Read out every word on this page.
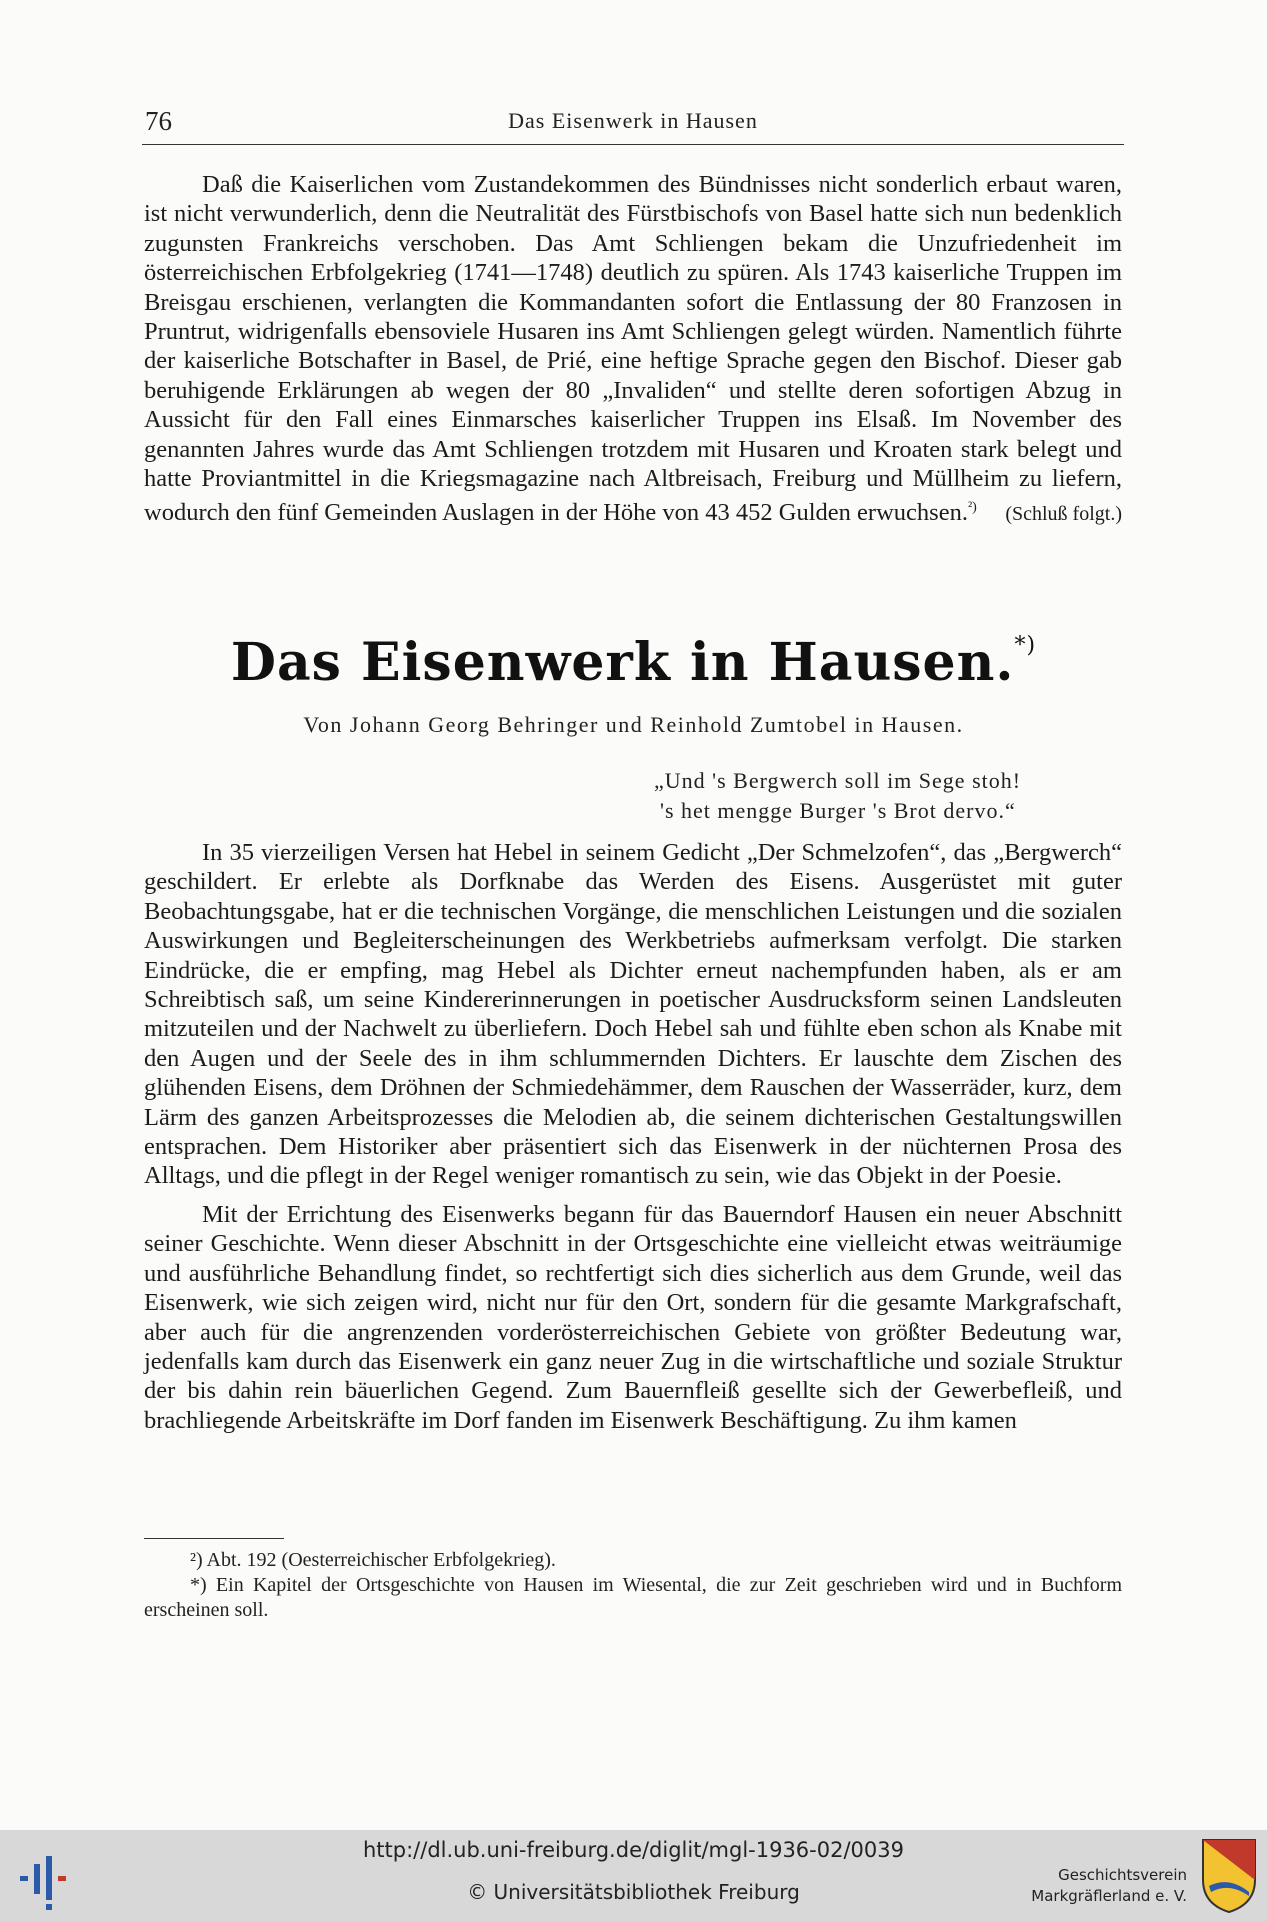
76	Das Eisenwerk in Hausen

Daß die Kaiserlichen vom Zustandekommen des Bündnisses nicht sonderlich erbaut waren, ist nicht verwunderlich, denn die Neutralität des Fürstbischofs von Basel hatte sich nun bedenklich zugunsten Frankreichs verschoben. Das Amt Schliengen bekam die Unzufriedenheit im österreichischen Erbfolgekrieg (1741—1748) deutlich zu spüren. Als 1743 kaiserliche Truppen im Breisgau erschienen, verlangten die Kommandanten sofort die Entlassung der 80 Franzosen in Pruntrut, widrigenfalls ebensoviele Husaren ins Amt Schliengen gelegt würden. Namentlich führte der kaiserliche Botschafter in Basel, de Prié, eine heftige Sprache gegen den Bischof. Dieser gab beruhigende Erklärungen ab wegen der 80 „Invaliden“ und stellte deren sofortigen Abzug in Aussicht für den Fall eines Einmarsches kaiserlicher Truppen ins Elsaß. Im November des genannten Jahres wurde das Amt Schliengen trotzdem mit Husaren und Kroaten stark belegt und hatte Proviantmittel in die Kriegsmagazine nach Altbreisach, Freiburg und Müllheim zu liefern, wodurch den fünf Gemeinden Auslagen in der Höhe von 43 452 Gulden erwuchsen.$^{^2)}$	(Schluß folgt.)
Das Eisenwerk in Hausen.*)
Von Johann Georg Behringer und Reinhold Zumtobel in Hausen.
„Und 's Bergwerch soll im Sege stoh!
's het mengge Burger 's Brot dervo.“

In 35 vierzeiligen Versen hat Hebel in seinem Gedicht „Der Schmelzofen“, das „Bergwerch“ geschildert. Er erlebte als Dorfknabe das Werden des Eisens. Ausgerüstet mit guter Beobachtungsgabe, hat er die technischen Vorgänge, die menschlichen Leistungen und die sozialen Auswirkungen und Begleiterscheinungen des Werkbetriebs aufmerksam verfolgt. Die starken Eindrücke, die er empfing, mag Hebel als Dichter erneut nachempfunden haben, als er am Schreibtisch saß, um seine Kindererinnerungen in poetischer Ausdrucksform seinen Landsleuten mitzuteilen und der Nachwelt zu überliefern. Doch Hebel sah und fühlte eben schon als Knabe mit den Augen und der Seele des in ihm schlummernden Dichters. Er lauschte dem Zischen des glühenden Eisens, dem Dröhnen der Schmiedehämmer, dem Rauschen der Wasserräder, kurz, dem Lärm des ganzen Arbeitsprozesses die Melodien ab, die seinem dichterischen Gestaltungswillen entsprachen. Dem Historiker aber präsentiert sich das Eisenwerk in der nüchternen Prosa des Alltags, und die pflegt in der Regel weniger romantisch zu sein, wie das Objekt in der Poesie.

Mit der Errichtung des Eisenwerks begann für das Bauerndorf Hausen ein neuer Abschnitt seiner Geschichte. Wenn dieser Abschnitt in der Ortsgeschichte eine vielleicht etwas weiträumige und ausführliche Behandlung findet, so rechtfertigt sich dies sicherlich aus dem Grunde, weil das Eisenwerk, wie sich zeigen wird, nicht nur für den Ort, sondern für die gesamte Markgrafschaft, aber auch für die angrenzenden vorderösterreichischen Gebiete von größter Bedeutung war, jedenfalls kam durch das Eisenwerk ein ganz neuer Zug in die wirtschaftliche und soziale Struktur der bis dahin rein bäuerlichen Gegend. Zum Bauernfleiß gesellte sich der Gewerbefleiß, und brachliegende Arbeitskräfte im Dorf fanden im Eisenwerk Beschäftigung. Zu ihm kamen

²) Abt. 192 (Oesterreichischer Erbfolgekrieg).

*) Ein Kapitel der Ortsgeschichte von Hausen im Wiesental, die zur Zeit geschrieben wird und in Buchform erscheinen soll.

http://dl.ub.uni-freiburg.de/diglit/mgl-1936-02/0039
© Universitätsbibliothek Freiburg
Geschichtsverein
Markgräflerland e. V.
